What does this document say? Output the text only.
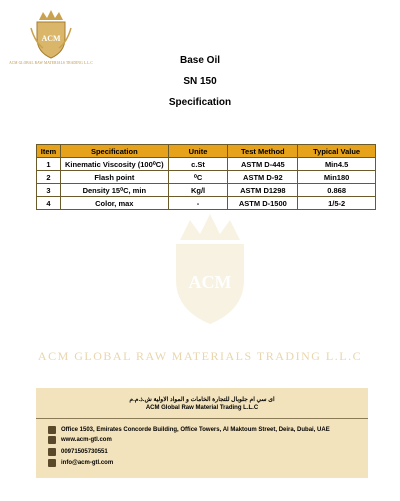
ACM
ACM GLOBAL RAW MATERIALS TRADING L.L.C	Base Oil
SN 150
Specification
ACM
ACM GLOBAL RAW MATERIALS TRADING L.L.C
Item	Specification	Unite	Test Method	Typical Value
1	Kinematic Viscosity (100⁰C)	c.St	ASTM D-445	Min4.5
2	Flash point	⁰C	ASTM D-92	Min180
3	Density 15⁰C, min	Kg/l	ASTM D1298	0.868
4	Color, max	-	ASTM D-1500	1/5-2
اى سي ام جلوبال للتجارة الخامات و المواد الاولية ش.ذ.م.م
ACM Global Raw Material Trading L.L.C
Office 1503, Emirates Concorde Building, Office Towers, Al Maktoum Street, Deira, Dubai, UAE
www.acm-gtl.com
00971505730551
info@acm-gtl.com
